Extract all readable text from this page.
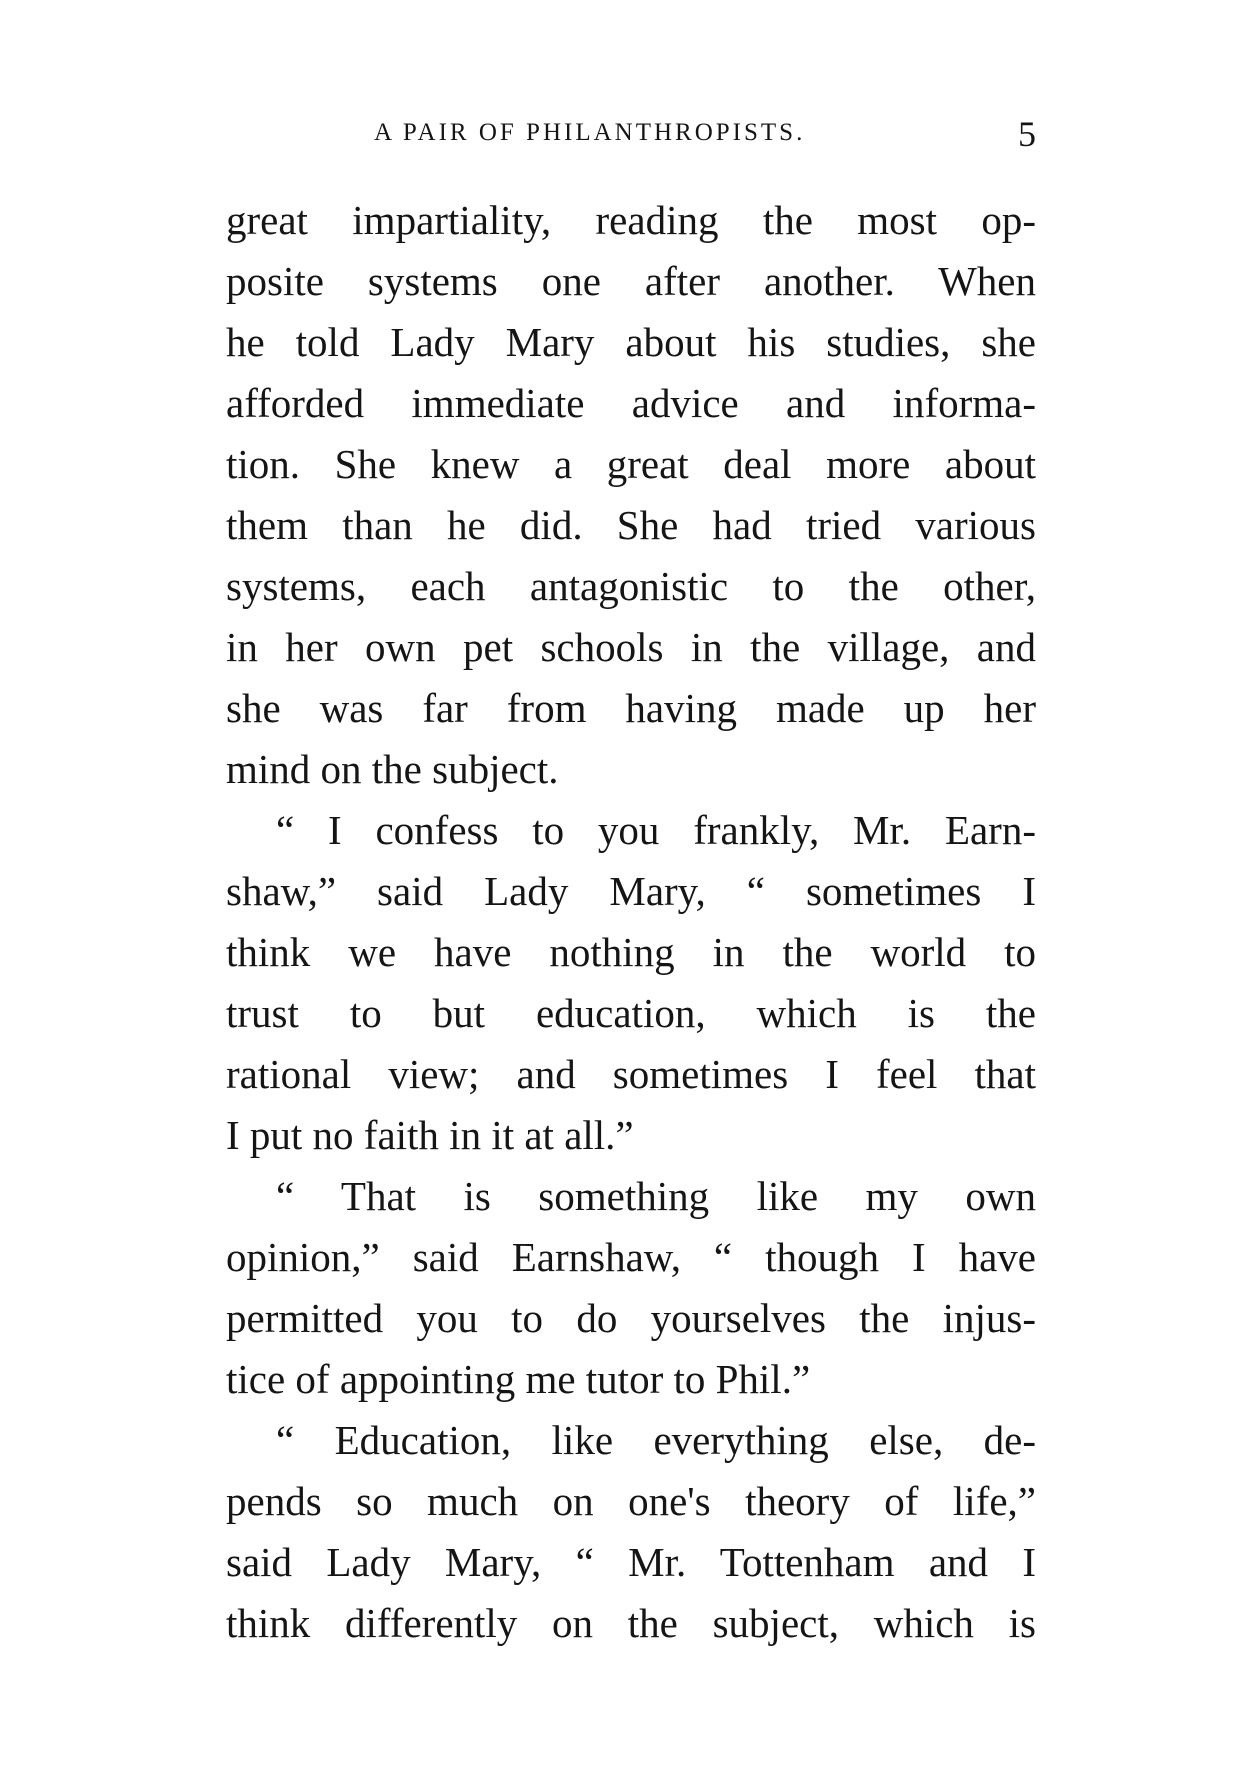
A PAIR OF PHILANTHROPISTS.	5
great impartiality, reading the most op-
posite systems one after another. When
he told Lady Mary about his studies, she
afforded immediate advice and informa-
tion. She knew a great deal more about
them than he did. She had tried various
systems, each antagonistic to the other,
in her own pet schools in the village, and
she was far from having made up her
mind on the subject.
“ I confess to you frankly, Mr. Earn-
shaw,” said Lady Mary, “ sometimes I
think we have nothing in the world to
trust to but education, which is the
rational view; and sometimes I feel that
I put no faith in it at all.”
“ That is something like my own
opinion,” said Earnshaw, “ though I have
permitted you to do yourselves the injus-
tice of appointing me tutor to Phil.”
“ Education, like everything else, de-
pends so much on one's theory of life,”
said Lady Mary, “ Mr. Tottenham and I
think differently on the subject, which is
